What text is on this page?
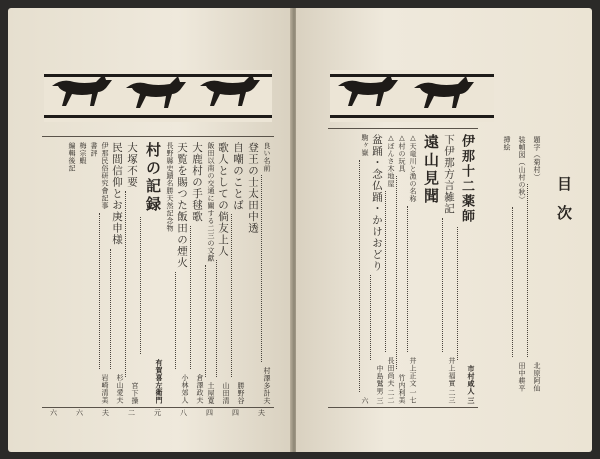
良い名前
村澤多計夫
登王の士太田中透
自嘲のことば
勝野谷
歌人としての倘友上人
山田清
飯田以南の交通に關する二三の文獻
土屋寛
大鹿村の手毬歌
倉澤政夫
天覧を賜つた飯田の煙火
小林郊人
長野縣史蹟名勝天然記念物
村の記録
有賀喜左衛門
大塚不要
宮下操
民間信仰とお庚申様
杉山愛夫
伊那民俗研究會記事
岩崎清美
書評
梅宗蝦
編輯後記
夫
四
四
八
元
二
夫
六
六
目次
題字（菊村）
北原阿仙
装幀図（山村の秋）
田中耕平
挿絵
伊那十二薬師
市村咸人
三
下伊那方言雑記
井上福實
二三
遠山見聞
△天竜川と漁の名称
井上正文
一七
△村の玩具
竹内利美
△ぼんさ木地屋
長田尚夫
二二
盆踊・念仏踊・かけおどり
中島鷲男
三
駒ヶ嶽
六
